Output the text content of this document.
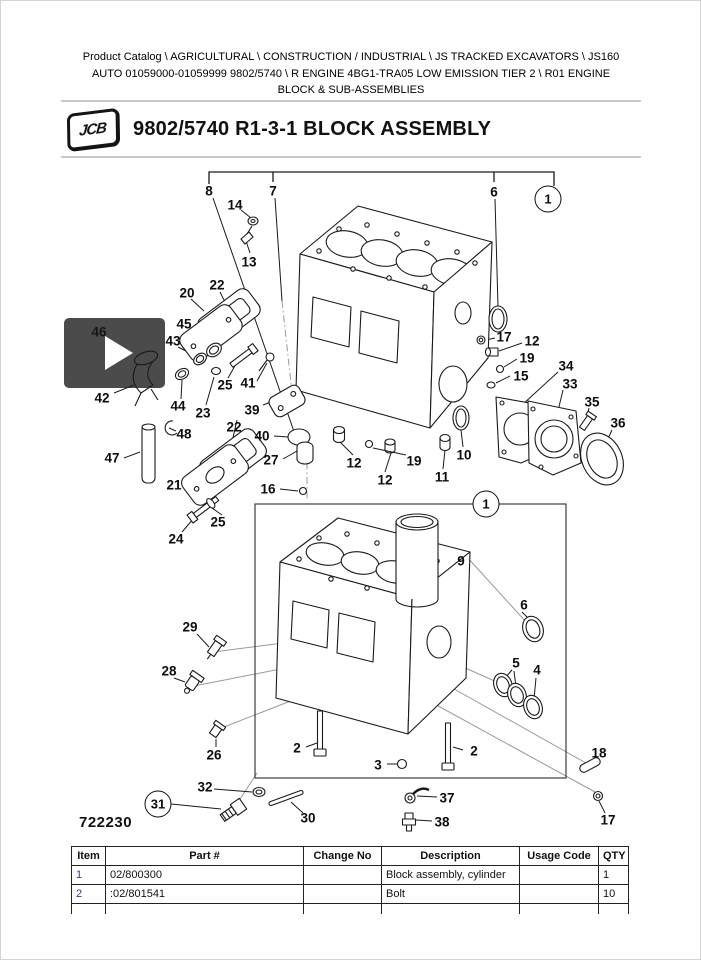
Product Catalog \ AGRICULTURAL \ CONSTRUCTION / INDUSTRIAL \ JS TRACKED EXCAVATORS \ JS160 AUTO 01059000-01059999 9802/5740 \ R ENGINE 4BG1-TRA05 LOW EMISSION TIER 2 \ R01 ENGINE BLOCK & SUB-ASSEMBLIES
JCB 9802/5740 R1-3-1 BLOCK ASSEMBLY
8
14
13
7	6	1
22
20
45
43
42
44 23
25 41
39
22
40
48
47
21
27
16
25
24
17 12
19
15
34
33
35
36
12	19
12	11
10
1
9
29
28
26
6
5 4
2
3
2	18
32
31
30
37
38	17
722230
Item	Part #	Change No	Description	Usage Code	QTY
1	02/800300		Block assembly, cylinder		1
2	:02/801541		Bolt		10
